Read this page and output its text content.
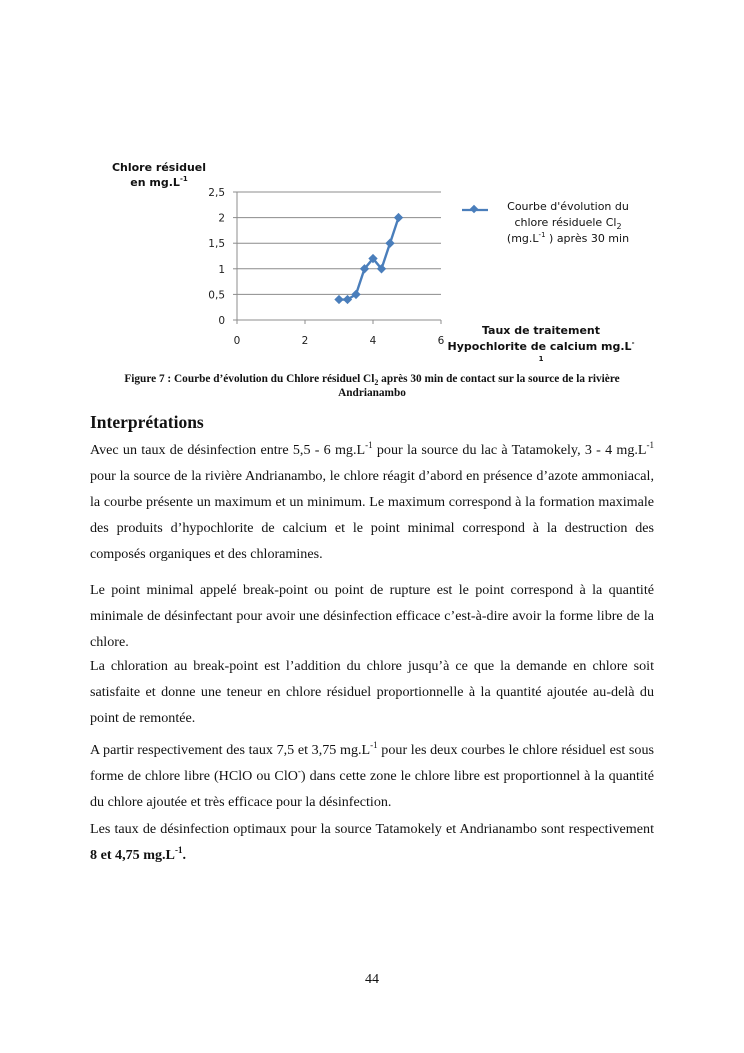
0
0,5
1
1,5
2
2,5
0	2	4	6
Chlore résiduel
en $mg.L^{-1}$
Courbe d'évolution du
chlore résiduele $Cl_2$
($mg.L^{-1}$ ) après 30 min
Taux de traitement
Hypochlorite de calcium $mg.L^{-1}$
Figure 7 : Courbe d’évolution du Chlore résiduel $Cl_2$ après 30 min de contact sur la source de la rivière Andrianambo
Interprétations
Avec un taux de désinfection entre 5,5 - 6 $mg.L^{-1}$ pour la source du lac à Tatamokely, 3 - 4 $mg.L^{-1}$ pour la source de la rivière Andrianambo, le chlore réagit d’abord en présence d’azote ammoniacal, la courbe présente un maximum et un minimum. Le maximum correspond à la formation maximale des produits d’hypochlorite de calcium et le point minimal correspond à la destruction des composés organiques et des chloramines.
Le point minimal appelé break-point ou point de rupture est le point correspond à la quantité minimale de désinfectant pour avoir une désinfection efficace c’est-à-dire avoir la forme libre de la chlore.
La chloration au break-point est l’addition du chlore jusqu’à ce que la demande en chlore soit satisfaite et donne une teneur en chlore résiduel proportionnelle à la quantité ajoutée au-delà du point de remontée.
A partir respectivement des taux 7,5 et 3,75 $mg.L^{-1}$ pour les deux courbes le chlore résiduel est sous forme de chlore libre (HClO ou ClO-) dans cette zone le chlore libre est proportionnel à la quantité du chlore ajoutée et très efficace pour la désinfection.
Les taux de désinfection optimaux pour la source Tatamokely et Andrianambo sont respectivement 8 et 4,75 $mg.L^{-1}$.
44
